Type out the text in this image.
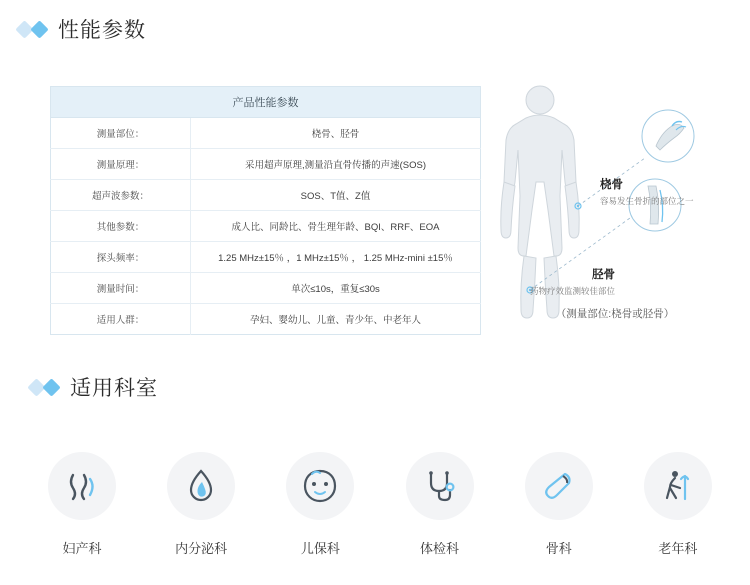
性能参数
产品性能参数	
测量部位：	桡骨、胫骨
测量原理：	采用超声原理,测量沿直骨传播的声速(SOS)
超声波参数：	SOS、T值、Z值
其他参数：	成人比、同龄比、骨生理年龄、BQI、RRF、EOA
探头频率：	1.25 MHz±15％ ，1 MHz±15％ ， 1.25 MHz-mini ±15％
测量时间：	单次≤10s，重复≤30s
适用人群：	孕妇、婴幼儿、儿童、青少年、中老年人
桡骨
容易发生骨折的部位之一
胫骨
药物疗效监测较佳部位
（测量部位:桡骨或胫骨）
适用科室
妇产科	内分泌科	儿保科	体检科	骨科	老年科
